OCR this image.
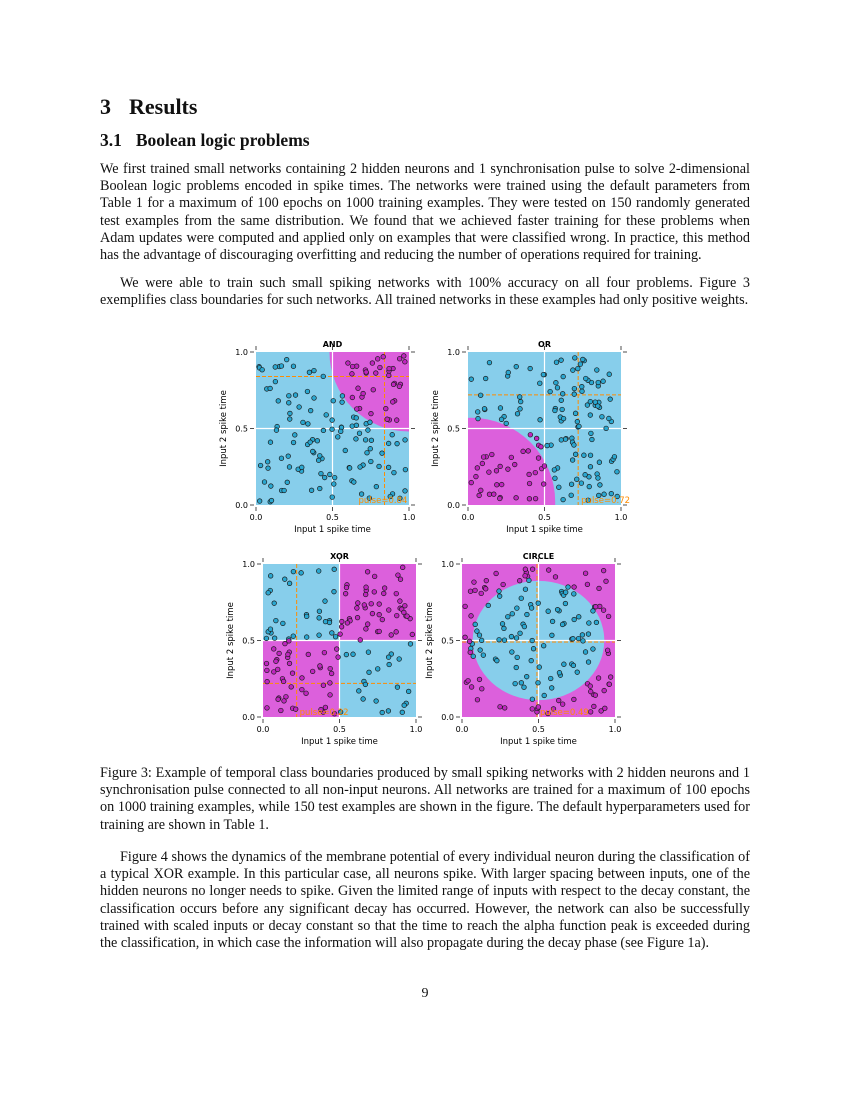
3 Results
3.1 Boolean logic problems

We first trained small networks containing 2 hidden neurons and 1 synchronisation pulse to solve 2-dimensional Boolean logic problems encoded in spike times. The networks were trained using the default parameters from Table 1 for a maximum of 100 epochs on 1000 training examples. They were tested on 150 randomly generated test examples from the same distribution. We found that we achieved faster training for these problems when Adam updates were computed and applied only on examples that were classified wrong. In practice, this method has the advantage of discouraging overfitting and reducing the number of operations required for training.

We were able to train such small spiking networks with 100% accuracy on all four problems. Figure 3 exemplifies class boundaries for such networks. All trained networks in these examples had only positive weights.

pulse=0.84
AND
0.0
0.0
0.5
0.5
1.0
1.0
Input 1 spike time
Input 2 spike time
pulse=0.72
OR
0.0
0.0
0.5
0.5
1.0
1.0
Input 1 spike time
Input 2 spike time
pulse=0.22
XOR
0.0
0.0
0.5
0.5
1.0
1.0
Input 1 spike time
Input 2 spike time
pulse=0.49
CIRCLE
0.0
0.0
0.5
0.5
1.0
1.0
Input 1 spike time
Input 2 spike time

Figure 3: Example of temporal class boundaries produced by small spiking networks with 2 hidden neurons and 1 synchronisation pulse connected to all non-input neurons. All networks are trained for a maximum of 100 epochs on 1000 training examples, while 150 test examples are shown in the figure. The default hyperparameters used for training are shown in Table 1.

Figure 4 shows the dynamics of the membrane potential of every individual neuron during the classification of a typical XOR example. In this particular case, all neurons spike. With larger spacing between inputs, one of the hidden neurons no longer needs to spike. Given the limited range of inputs with respect to the decay constant, the classification occurs before any significant decay has occurred. However, the network can also be successfully trained with scaled inputs or decay constant so that the time to reach the alpha function peak is exceeded during the classification, in which case the information will also propagate during the decay phase (see Figure 1a).

9
